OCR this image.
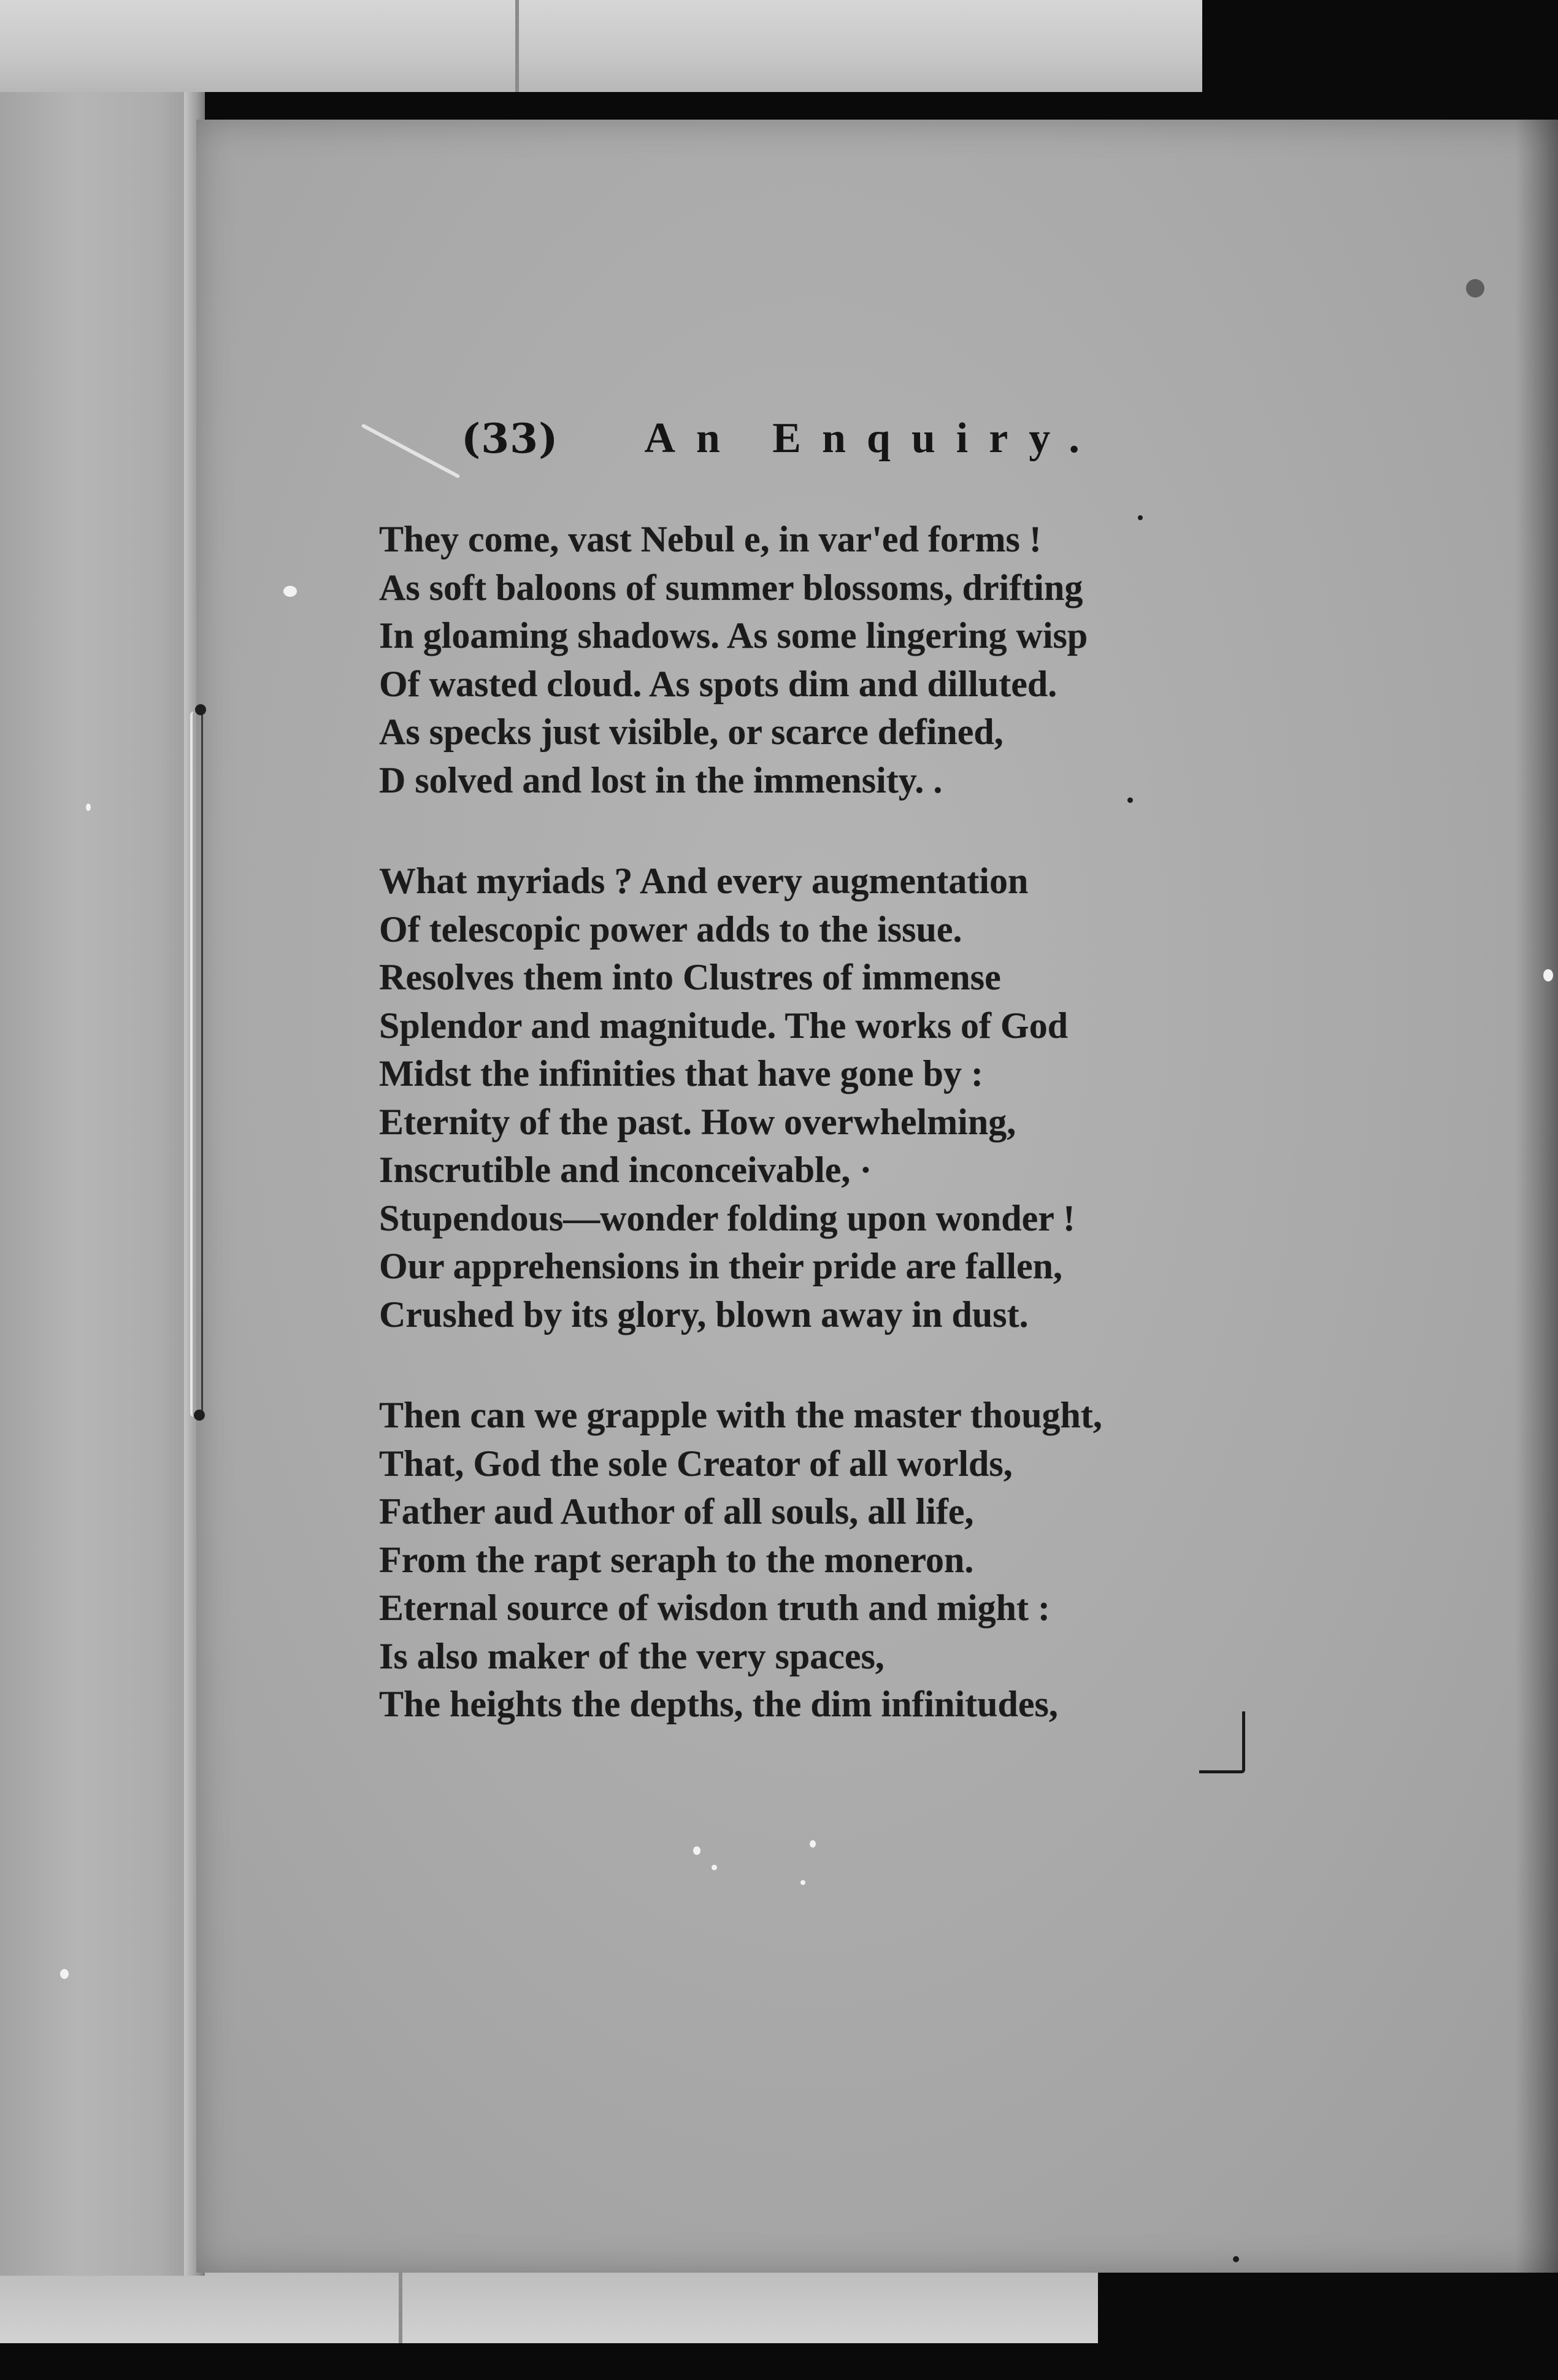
(33) An Enquiry.
They come, vast Nebul e, in var'ed forms !
As soft baloons of summer blossoms, drifting
In gloaming shadows. As some lingering wisp
Of wasted cloud. As spots dim and dilluted.
As specks just visible, or scarce defined,
D solved and lost in the immensity. .
What myriads ? And every augmentation
Of telescopic power adds to the issue.
Resolves them into Clustres of immense
Splendor and magnitude. The works of God
Midst the infinities that have gone by :
Eternity of the past. How overwhelming,
Inscrutible and inconceivable, ·
Stupendous—wonder folding upon wonder !
Our apprehensions in their pride are fallen,
Crushed by its glory, blown away in dust.
Then can we grapple with the master thought,
That, God the sole Creator of all worlds,
Father aud Author of all souls, all life,
From the rapt seraph to the moneron.
Eternal source of wisdon truth and might :
Is also maker of the very spaces,
The heights the depths, the dim infinitudes,
